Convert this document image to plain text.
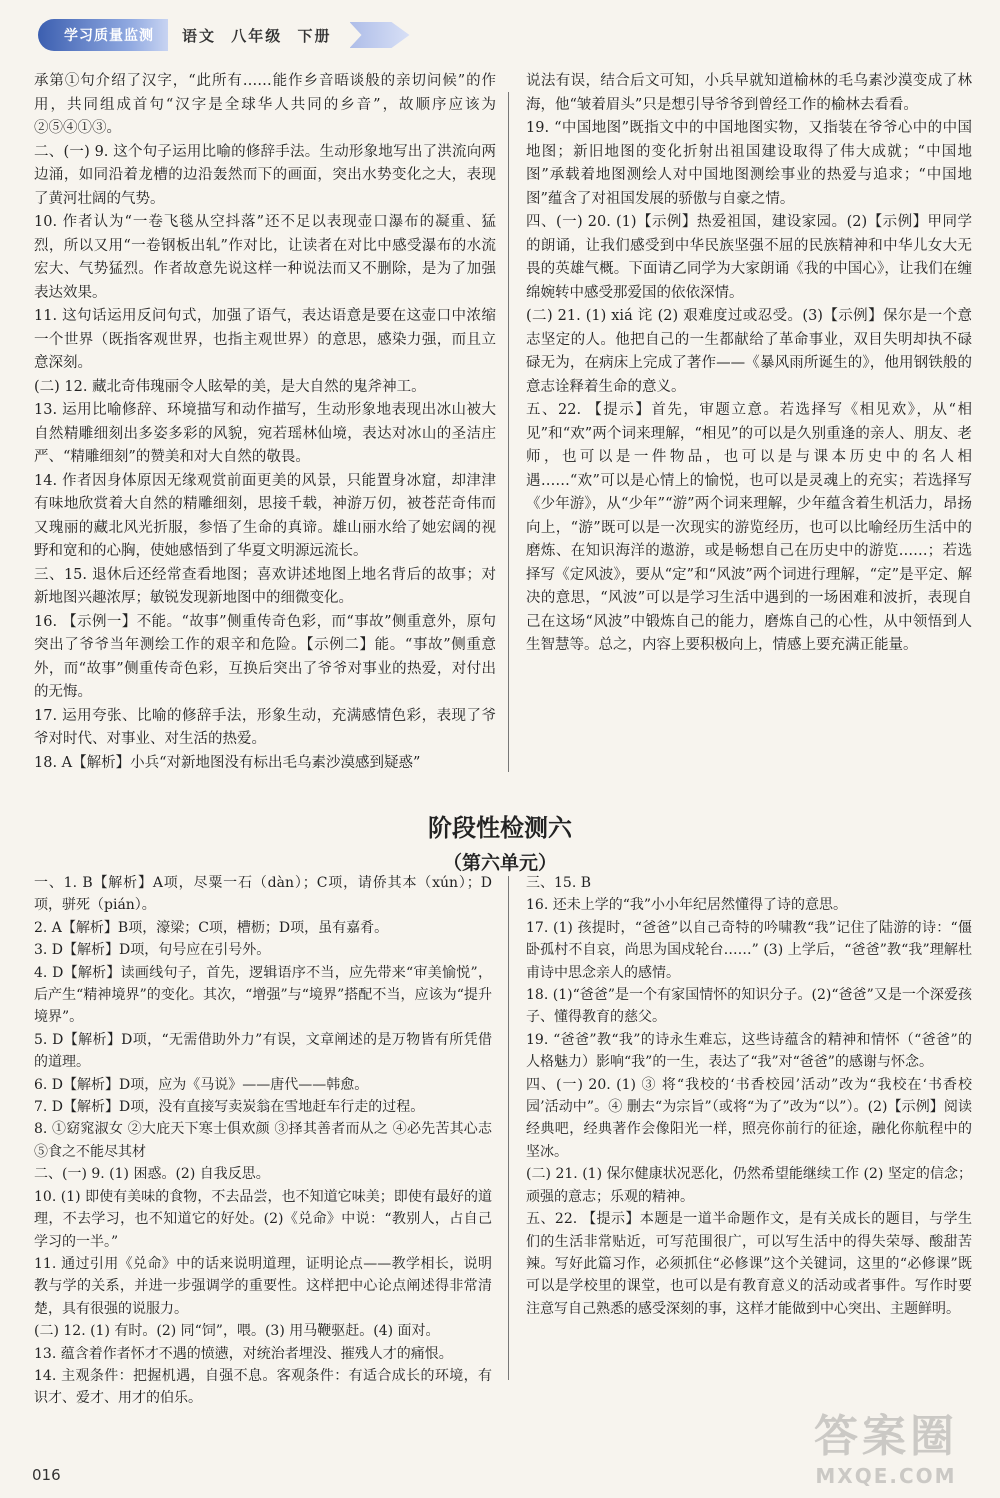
学习质量监测	语文 八年级 下册

承第①句介绍了汉字，“此所有……能作乡音晤谈般的亲切问候”的作用，共同组成首句“汉字是全球华人共同的乡音”，故顺序应该为②⑤④①③。

二、(一) 9. 这个句子运用比喻的修辞手法。生动形象地写出了洪流向两边涌，如同沿着龙槽的边沿轰然而下的画面，突出水势变化之大，表现了黄河壮阔的气势。

10. 作者认为“一卷飞毯从空抖落”还不足以表现壶口瀑布的凝重、猛烈，所以又用“一卷钢板出轧”作对比，让读者在对比中感受瀑布的水流宏大、气势猛烈。作者故意先说这样一种说法而又不删除，是为了加强表达效果。

11. 这句话运用反问句式，加强了语气，表达语意是要在这壶口中浓缩一个世界（既指客观世界，也指主观世界）的意思，感染力强，而且立意深刻。

(二) 12. 藏北奇伟瑰丽令人眩晕的美，是大自然的鬼斧神工。

13. 运用比喻修辞、环境描写和动作描写，生动形象地表现出冰山被大自然精雕细刻出多姿多彩的风貌，宛若瑶林仙境，表达对冰山的圣洁庄严、“精雕细刻”的赞美和对大自然的敬畏。

14. 作者因身体原因无缘观赏前面更美的风景，只能置身冰窟，却津津有味地欣赏着大自然的精雕细刻，思接千载，神游万仞，被苍茫奇伟而又瑰丽的藏北风光折服，参悟了生命的真谛。雄山丽水给了她宏阔的视野和宽和的心胸，使她感悟到了华夏文明源远流长。

三、15. 退休后还经常查看地图；喜欢讲述地图上地名背后的故事；对新地图兴趣浓厚；敏锐发现新地图中的细微变化。

16. 【示例一】不能。“故事”侧重传奇色彩，而“事故”侧重意外，原句突出了爷爷当年测绘工作的艰辛和危险。【示例二】能。“事故”侧重意外，而“故事”侧重传奇色彩，互换后突出了爷爷对事业的热爱，对付出的无悔。

17. 运用夸张、比喻的修辞手法，形象生动，充满感情色彩，表现了爷爷对时代、对事业、对生活的热爱。

18. A【解析】小兵“对新地图没有标出毛乌素沙漠感到疑惑”

说法有误，结合后文可知，小兵早就知道榆林的毛乌素沙漠变成了林海，他“皱着眉头”只是想引导爷爷到曾经工作的榆林去看看。

19. “中国地图”既指文中的中国地图实物，又指装在爷爷心中的中国地图；新旧地图的变化折射出祖国建设取得了伟大成就；“中国地图”承载着地图测绘人对中国地图测绘事业的热爱与追求；“中国地图”蕴含了对祖国发展的骄傲与自豪之情。

四、(一) 20. (1)【示例】热爱祖国，建设家园。(2)【示例】甲同学的朗诵，让我们感受到中华民族坚强不屈的民族精神和中华儿女大无畏的英雄气概。下面请乙同学为大家朗诵《我的中国心》，让我们在缠绵婉转中感受那爱国的依依深情。

(二) 21. (1) xiá 诧 (2) 艰难度过或忍受。(3)【示例】保尔是一个意志坚定的人。他把自己的一生都献给了革命事业，双目失明却执不碌碌无为，在病床上完成了著作——《暴风雨所诞生的》，他用钢铁般的意志诠释着生命的意义。

五、22. 【提示】首先，审题立意。若选择写《相见欢》，从“相见”和“欢”两个词来理解，“相见”的可以是久别重逢的亲人、朋友、老师，也可以是一件物品，也可以是与课本历史中的名人相遇……“欢”可以是心情上的愉悦，也可以是灵魂上的充实；若选择写《少年游》，从“少年”“游”两个词来理解，少年蕴含着生机活力，昂扬向上，“游”既可以是一次现实的游览经历，也可以比喻经历生活中的磨炼、在知识海洋的遨游，或是畅想自己在历史中的游览……；若选择写《定风波》，要从“定”和“风波”两个词进行理解，“定”是平定、解决的意思，“风波”可以是学习生活中遇到的一场困难和波折，表现自己在这场“风波”中锻炼自己的能力，磨炼自己的心性，从中领悟到人生智慧等。总之，内容上要积极向上，情感上要充满正能量。

阶段性检测六
（第六单元）

一、1. B【解析】A项，尽粟一石（dàn）；C项，请侨其本（xún）；D项，骈死（pián）。

2. A【解析】B项，濠梁；C项，槽枥；D项，虽有嘉肴。

3. D【解析】D项，句号应在引号外。

4. D【解析】读画线句子，首先，逻辑语序不当，应先带来“审美愉悦”，后产生“精神境界”的变化。其次，“增强”与“境界”搭配不当，应该为“提升境界”。

5. D【解析】D项，“无需借助外力”有误，文章阐述的是万物皆有所凭借的道理。

6. D【解析】D项，应为《马说》——唐代——韩愈。

7. D【解析】D项，没有直接写卖炭翁在雪地赶车行走的过程。

8. ①窈窕淑女 ②大庇天下寒士俱欢颜 ③择其善者而从之 ④必先苦其心志 ⑤食之不能尽其材

二、(一) 9. (1) 困惑。(2) 自我反思。

10. (1) 即使有美味的食物，不去品尝，也不知道它味美；即使有最好的道理，不去学习，也不知道它的好处。(2)《兑命》中说：“教别人，占自己学习的一半。”

11. 通过引用《兑命》中的话来说明道理，证明论点——教学相长，说明教与学的关系，并进一步强调学的重要性。这样把中心论点阐述得非常清楚，具有很强的说服力。

(二) 12. (1) 有时。(2) 同“饲”，喂。(3) 用马鞭驱赶。(4) 面对。

13. 蕴含着作者怀才不遇的愤懑，对统治者埋没、摧残人才的痛恨。

14. 主观条件：把握机遇，自强不息。客观条件：有适合成长的环境，有识才、爱才、用才的伯乐。

三、15. B

16. 还未上学的“我”小小年纪居然懂得了诗的意思。

17. (1) 孩提时，“爸爸”以自己奇特的吟啸教“我”记住了陆游的诗：“僵卧孤村不自哀，尚思为国戍轮台……” (3) 上学后，“爸爸”教“我”理解杜甫诗中思念亲人的感情。

18. (1)“爸爸”是一个有家国情怀的知识分子。(2)“爸爸”又是一个深爱孩子、懂得教育的慈父。

19. “爸爸”教“我”的诗永生难忘，这些诗蕴含的精神和情怀（“爸爸”的人格魅力）影响“我”的一生，表达了“我”对“爸爸”的感谢与怀念。

四、(一) 20. (1) ③ 将“我校的‘书香校园’活动”改为“我校在‘书香校园’活动中”。④ 删去“为宗旨”（或将“为了”改为“以”）。(2)【示例】阅读经典吧，经典著作会像阳光一样，照亮你前行的征途，融化你航程中的坚冰。

(二) 21. (1) 保尔健康状况恶化，仍然希望能继续工作 (2) 坚定的信念；顽强的意志；乐观的精神。

五、22. 【提示】本题是一道半命题作文，是有关成长的题目，与学生们的生活非常贴近，可写范围很广，可以写生活中的得失荣辱、酸甜苦辣。写好此篇习作，必须抓住“必修课”这个关键词，这里的“必修课”既可以是学校里的课堂，也可以是有教育意义的活动或者事件。写作时要注意写自己熟悉的感受深刻的事，这样才能做到中心突出、主题鲜明。

016
答案圈
MXQE.COM
